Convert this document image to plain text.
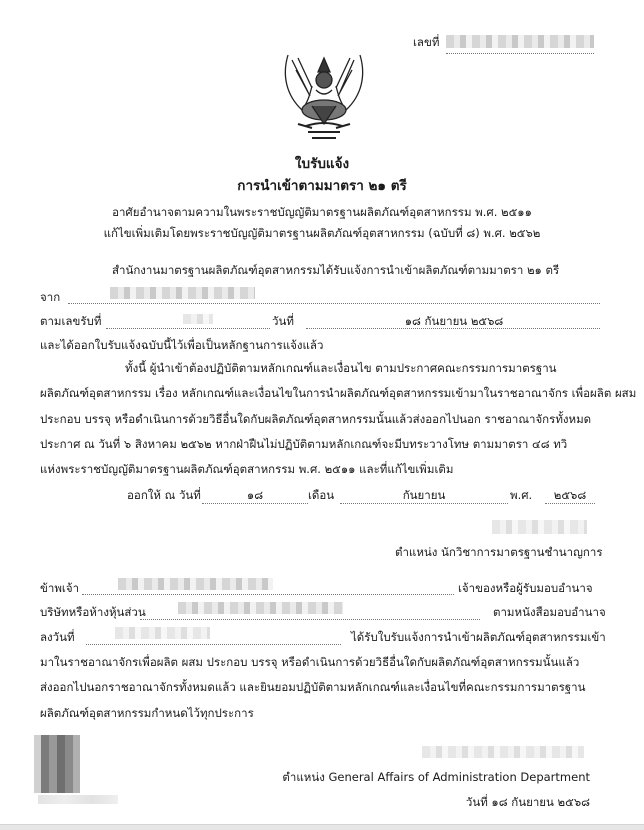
เลขที่
ใบรับแจ้ง
การนำเข้าตามมาตรา ๒๑ ตรี
อาศัยอำนาจตามความในพระราชบัญญัติมาตรฐานผลิตภัณฑ์อุตสาหกรรม พ.ศ. ๒๕๑๑
แก้ไขเพิ่มเติมโดยพระราชบัญญัติมาตรฐานผลิตภัณฑ์อุตสาหกรรม (ฉบับที่ ๘) พ.ศ. ๒๕๖๒
สำนักงานมาตรฐานผลิตภัณฑ์อุตสาหกรรมได้รับแจ้งการนำเข้าผลิตภัณฑ์ตามมาตรา ๒๑ ตรี
จาก
ตามเลขรับที่	วันที่	๑๘ กันยายน ๒๕๖๘
และได้ออกใบรับแจ้งฉบับนี้ไว้เพื่อเป็นหลักฐานการแจ้งแล้ว
ทั้งนี้ ผู้นำเข้าต้องปฏิบัติตามหลักเกณฑ์และเงื่อนไข ตามประกาศคณะกรรมการมาตรฐาน
ผลิตภัณฑ์อุตสาหกรรม เรื่อง หลักเกณฑ์และเงื่อนไขในการนำผลิตภัณฑ์อุตสาหกรรมเข้ามาในราชอาณาจักร เพื่อผลิต ผสม
ประกอบ บรรจุ หรือดำเนินการด้วยวิธีอื่นใดกับผลิตภัณฑ์อุตสาหกรรมนั้นแล้วส่งออกไปนอก ราชอาณาจักรทั้งหมด
ประกาศ ณ วันที่ ๖ สิงหาคม ๒๕๖๒ หากฝ่าฝืนไม่ปฏิบัติตามหลักเกณฑ์จะมีบทระวางโทษ ตามมาตรา ๔๘ ทวิ
แห่งพระราชบัญญัติมาตรฐานผลิตภัณฑ์อุตสาหกรรม พ.ศ. ๒๕๑๑ และที่แก้ไขเพิ่มเติม
ออกให้ ณ วันที่	๑๘	เดือน	กันยายน	พ.ศ.	๒๕๖๘
ตำแหน่ง นักวิชาการมาตรฐานชำนาญการ
ข้าพเจ้า	เจ้าของหรือผู้รับมอบอำนาจ
บริษัทหรือห้างหุ้นส่วน	ตามหนังสือมอบอำนาจ
ลงวันที่	ได้รับใบรับแจ้งการนำเข้าผลิตภัณฑ์อุตสาหกรรมเข้า
มาในราชอาณาจักรเพื่อผลิต ผสม ประกอบ บรรจุ หรือดำเนินการด้วยวิธีอื่นใดกับผลิตภัณฑ์อุตสาหกรรมนั้นแล้ว
ส่งออกไปนอกราชอาณาจักรทั้งหมดแล้ว และยินยอมปฏิบัติตามหลักเกณฑ์และเงื่อนไขที่คณะกรรมการมาตรฐาน
ผลิตภัณฑ์อุตสาหกรรมกำหนดไว้ทุกประการ
ตำแหน่ง General Affairs of Administration Department
วันที่ ๑๘ กันยายน ๒๕๖๘
